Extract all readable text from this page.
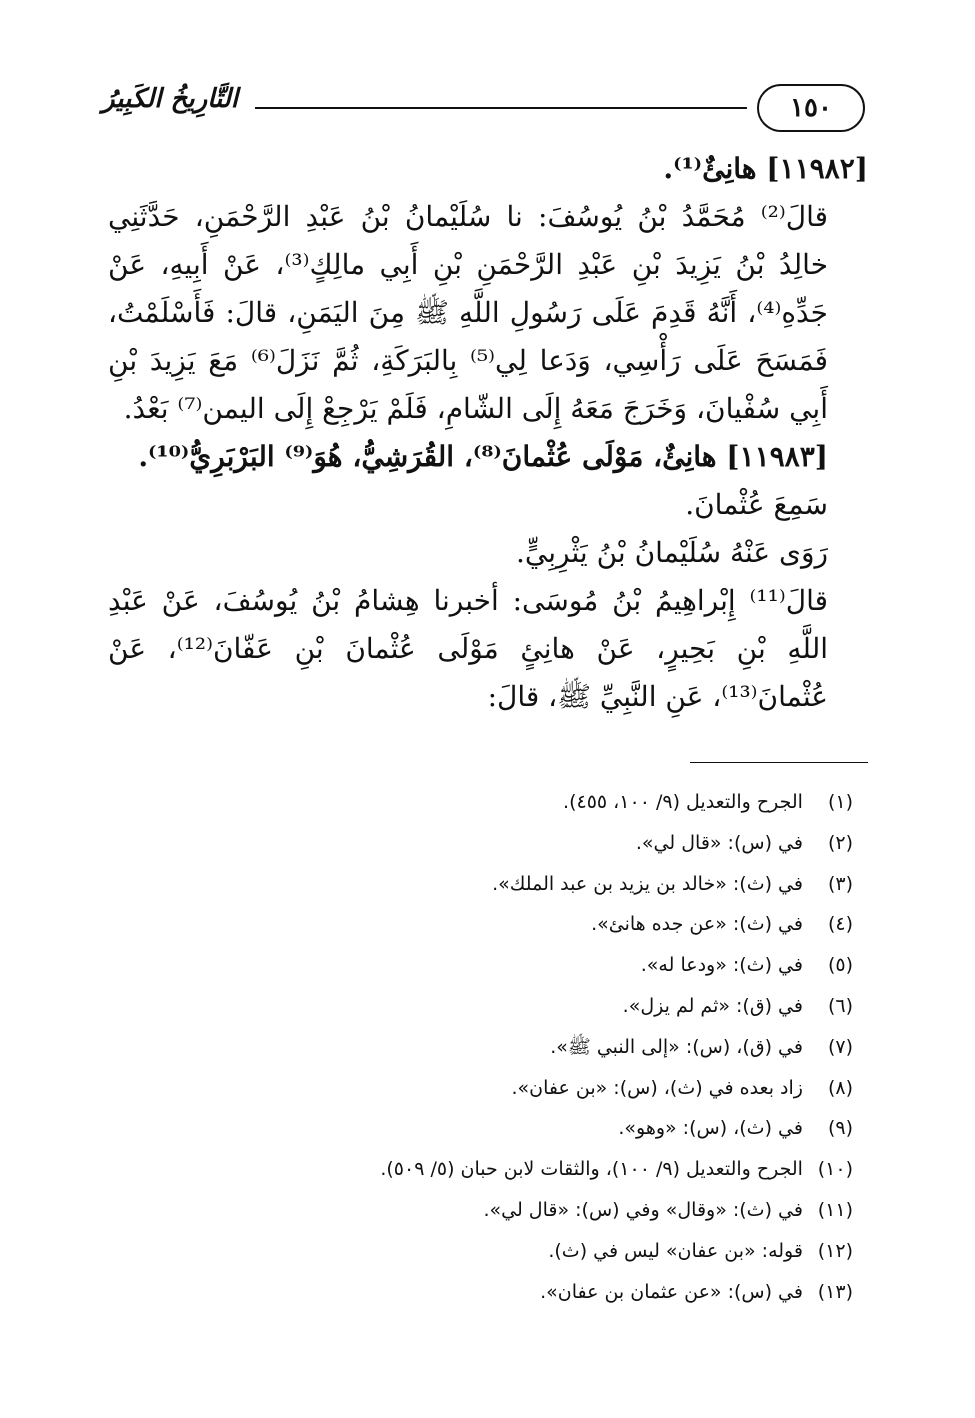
١٥٠
التَّارِيخُ الكَبِيرُ

[١١٩٨٢] هانِئٌ⁽¹⁾.

قالَ⁽²⁾ مُحَمَّدُ بْنُ يُوسُفَ: نا سُلَيْمانُ بْنُ عَبْدِ الرَّحْمَنِ، حَدَّثَنِي خالِدُ بْنُ يَزِيدَ بْنِ عَبْدِ الرَّحْمَنِ بْنِ أَبِي مالِكٍ⁽³⁾، عَنْ أَبِيهِ، عَنْ جَدِّهِ⁽⁴⁾، أَنَّهُ قَدِمَ عَلَى رَسُولِ اللَّهِ ﷺ مِنَ اليَمَنِ، قالَ: فَأَسْلَمْتُ، فَمَسَحَ عَلَى رَأْسِي، وَدَعا لِي⁽⁵⁾ بِالبَرَكَةِ، ثُمَّ نَزَلَ⁽⁶⁾ مَعَ يَزِيدَ بْنِ أَبِي سُفْيانَ، وَخَرَجَ مَعَهُ إِلَى الشّامِ، فَلَمْ يَرْجِعْ إِلَى اليمن⁽⁷⁾ بَعْدُ.

[١١٩٨٣] هانِئٌ، مَوْلَى عُثْمانَ⁽⁸⁾، القُرَشِيُّ، هُوَ⁽⁹⁾ البَرْبَرِيُّ⁽¹⁰⁾.

سَمِعَ عُثْمانَ.

رَوَى عَنْهُ سُلَيْمانُ بْنُ يَثْرِبِيٍّ.

قالَ⁽¹¹⁾ إِبْراهِيمُ بْنُ مُوسَى: أخبرنا هِشامُ بْنُ يُوسُفَ، عَنْ عَبْدِ اللَّهِ بْنِ بَحِيرٍ، عَنْ هانِئٍ مَوْلَى عُثْمانَ بْنِ عَفّانَ⁽¹²⁾، عَنْ عُثْمانَ⁽¹³⁾، عَنِ النَّبِيِّ ﷺ، قالَ:

(١) الجرح والتعديل (٩/ ١٠٠، ٤٥٥).
(٢) في (س): «قال لي».
(٣) في (ث): «خالد بن يزيد بن عبد الملك».
(٤) في (ث): «عن جده هانئ».
(٥) في (ث): «ودعا له».
(٦) في (ق): «ثم لم يزل».
(٧) في (ق)، (س): «إلى النبي ﷺ».
(٨) زاد بعده في (ث)، (س): «بن عفان».
(٩) في (ث)، (س): «وهو».
(١٠) الجرح والتعديل (٩/ ١٠٠)، والثقات لابن حبان (٥/ ٥٠٩).
(١١) في (ث): «وقال» وفي (س): «قال لي».
(١٢) قوله: «بن عفان» ليس في (ث).
(١٣) في (س): «عن عثمان بن عفان».
